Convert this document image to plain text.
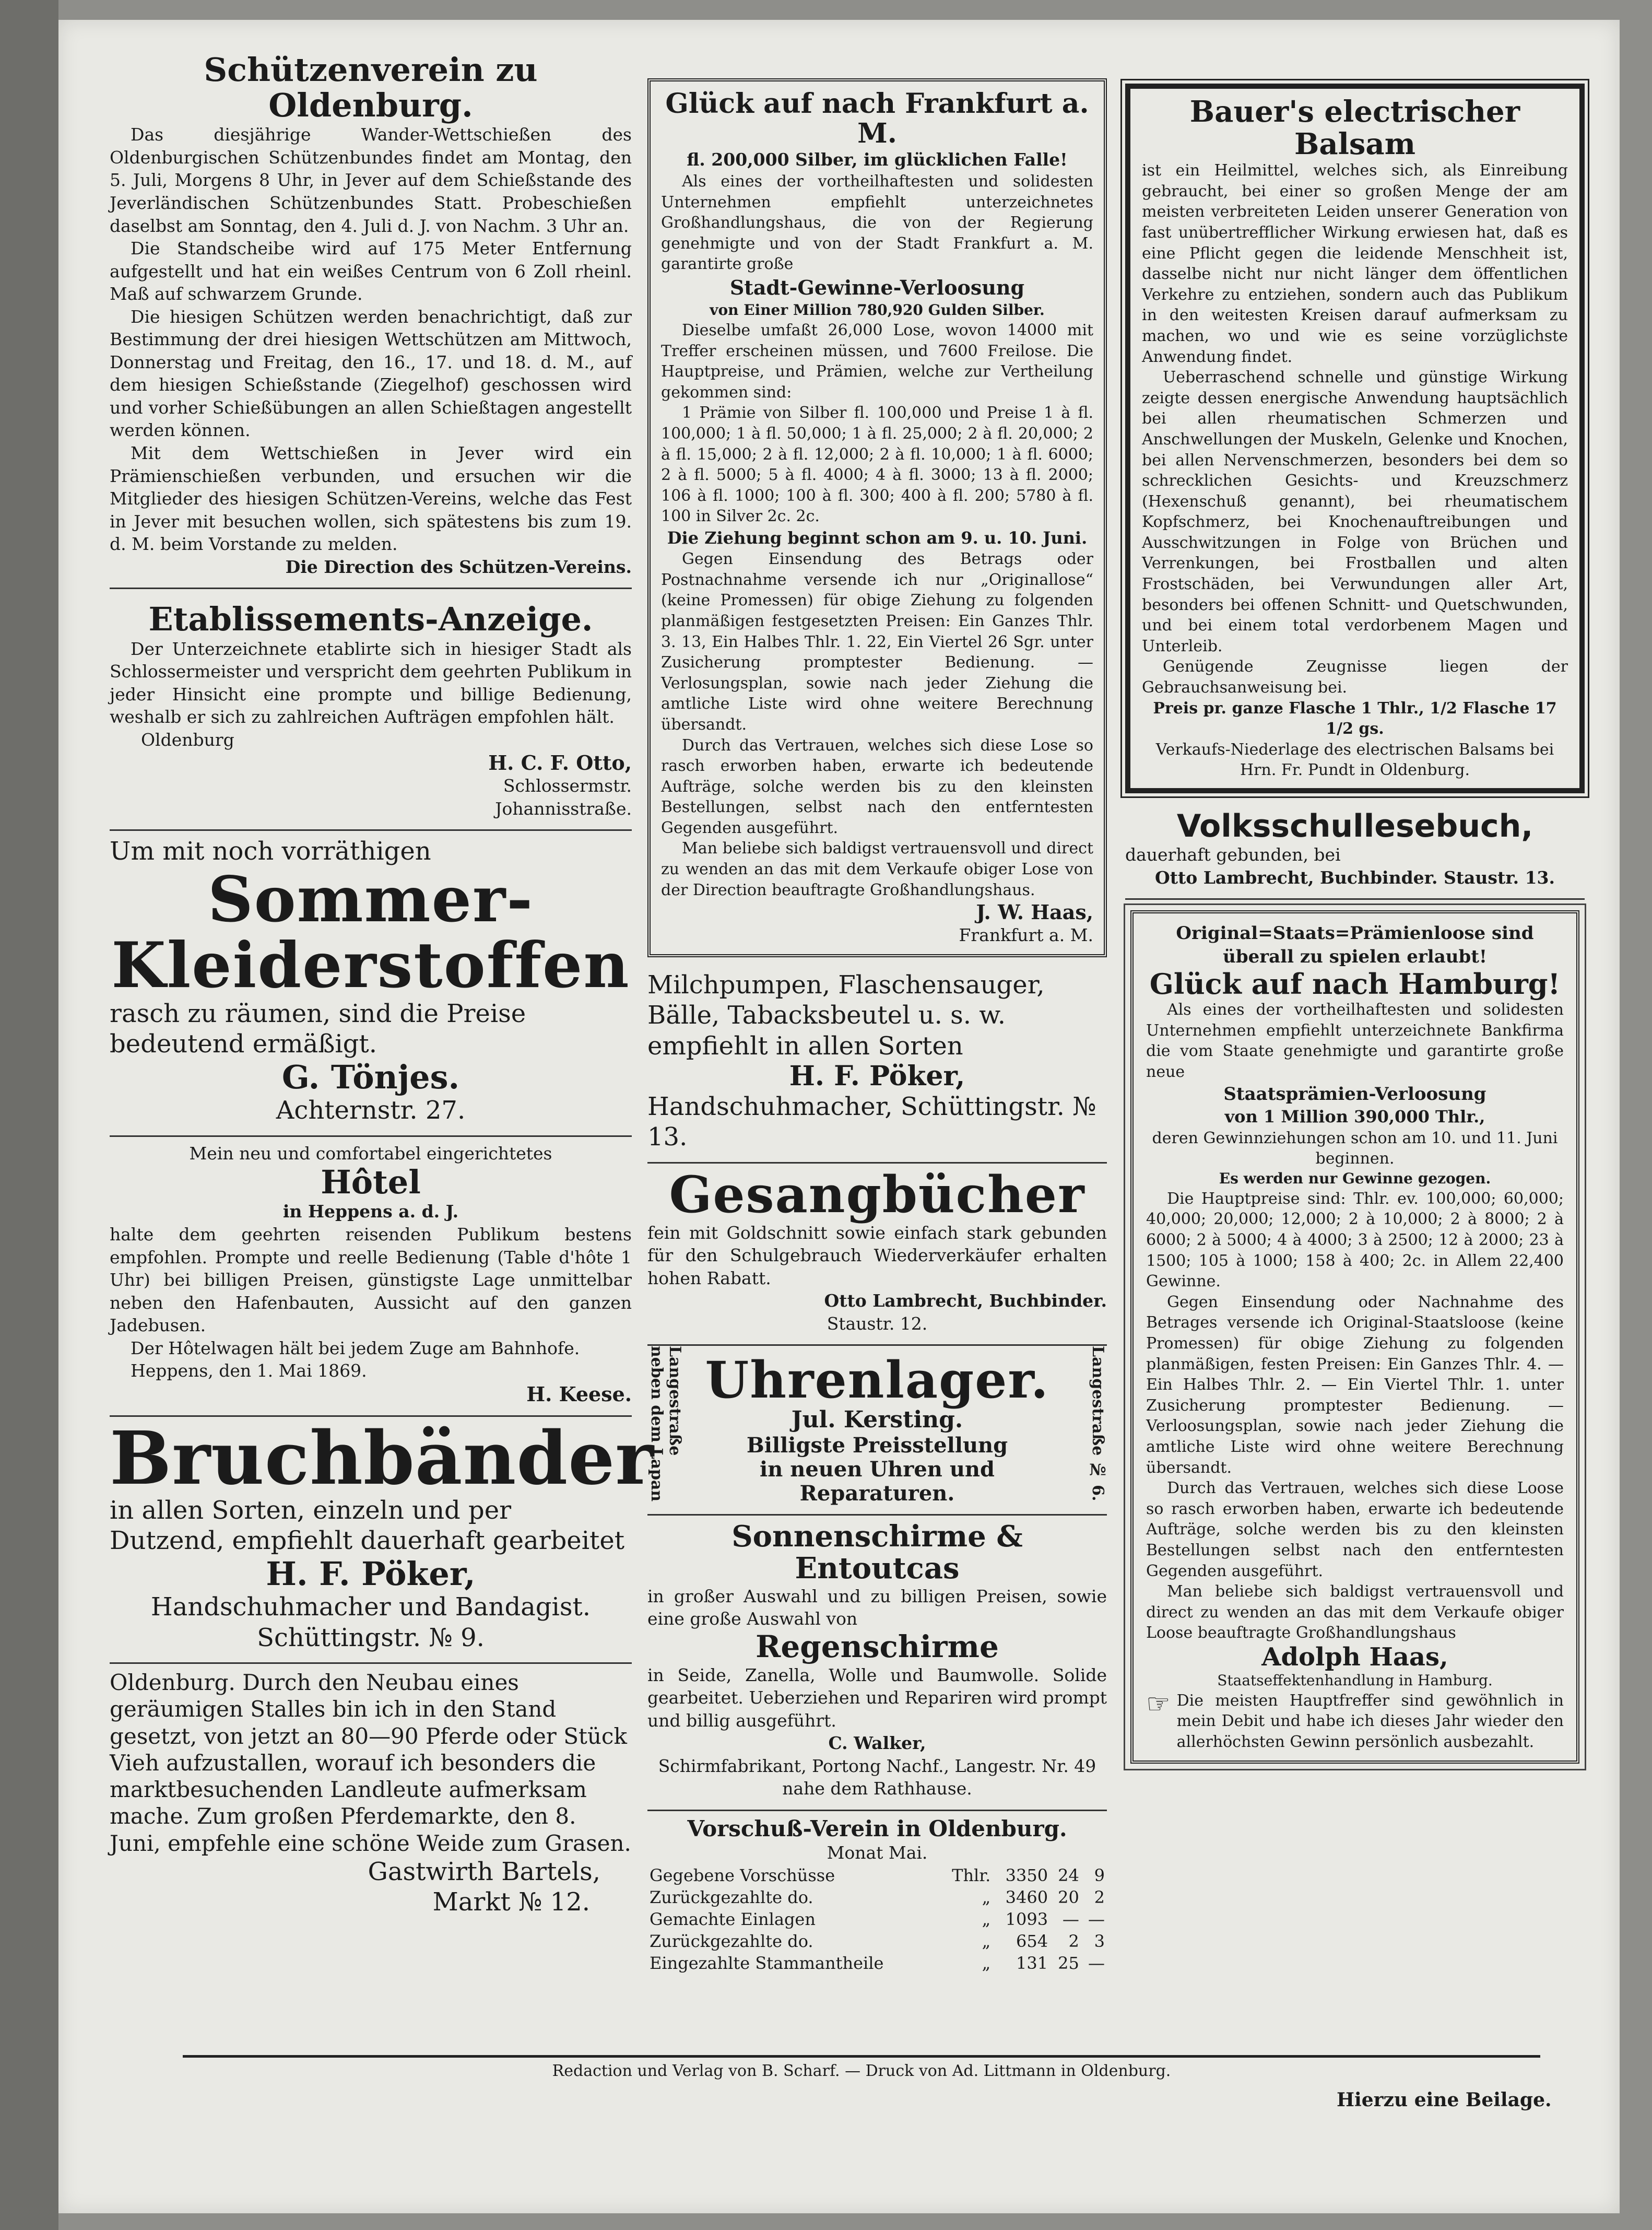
Schützenverein zu Oldenburg.
Das diesjährige Wander-Wettschießen des Oldenburgischen Schützenbundes findet am Montag, den 5. Juli, Morgens 8 Uhr, in Jever auf dem Schießstande des Jeverländischen Schützenbundes Statt. Probeschießen daselbst am Sonntag, den 4. Juli d. J. von Nachm. 3 Uhr an.
Die Standscheibe wird auf 175 Meter Entfernung aufgestellt und hat ein weißes Centrum von 6 Zoll rheinl. Maß auf schwarzem Grunde.
Die hiesigen Schützen werden benachrichtigt, daß zur Bestimmung der drei hiesigen Wettschützen am Mittwoch, Donnerstag und Freitag, den 16., 17. und 18. d. M., auf dem hiesigen Schießstande (Ziegelhof) geschossen wird und vorher Schießübungen an allen Schießtagen angestellt werden können.
Mit dem Wettschießen in Jever wird ein Prämienschießen verbunden, und ersuchen wir die Mitglieder des hiesigen Schützen-Vereins, welche das Fest in Jever mit besuchen wollen, sich spätestens bis zum 19. d. M. beim Vorstande zu melden.
Die Direction des Schützen-Vereins.
Etablissements-Anzeige.
Der Unterzeichnete etablirte sich in hiesiger Stadt als Schlossermeister und verspricht dem geehrten Publikum in jeder Hinsicht eine prompte und billige Bedienung, weshalb er sich zu zahlreichen Aufträgen empfohlen hält.
Oldenburg
H. C. F. Otto,
Schlossermstr.
Johannisstraße.
Um mit noch vorräthigen
Sommer-
Kleiderstoffen
rasch zu räumen, sind die Preise bedeutend ermäßigt.
G. Tönjes.
Achternstr. 27.
Mein neu und comfortabel eingerichtetes
Hôtel
in Heppens a. d. J.
halte dem geehrten reisenden Publikum bestens empfohlen. Prompte und reelle Bedienung (Table d'hôte 1 Uhr) bei billigen Preisen, günstigste Lage unmittelbar neben den Hafenbauten, Aussicht auf den ganzen Jadebusen.
Der Hôtelwagen hält bei jedem Zuge am Bahnhofe.
Heppens, den 1. Mai 1869.
H. Keese.
Bruchbänder
in allen Sorten, einzeln und per Dutzend, empfiehlt dauerhaft gearbeitet
H. F. Pöker,
Handschuhmacher und Bandagist.
Schüttingstr. № 9.
Oldenburg. Durch den Neubau eines geräumigen Stalles bin ich in den Stand gesetzt, von jetzt an 80—90 Pferde oder Stück Vieh aufzustallen, worauf ich besonders die marktbesuchenden Landleute aufmerksam mache. Zum großen Pferdemarkte, den 8. Juni, empfehle eine schöne Weide zum Grasen.
Gastwirth Bartels,
Markt № 12.
Glück auf nach Frankfurt a. M.
fl. 200,000 Silber, im glücklichen Falle!
Als eines der vortheilhaftesten und solidesten Unternehmen empfiehlt unterzeichnetes Großhandlungshaus, die von der Regierung genehmigte und von der Stadt Frankfurt a. M. garantirte große
Stadt-Gewinne-Verloosung
von Einer Million 780,920 Gulden Silber.
Dieselbe umfaßt 26,000 Lose, wovon 14000 mit Treffer erscheinen müssen, und 7600 Freilose. Die Hauptpreise, und Prämien, welche zur Vertheilung gekommen sind:
1 Prämie von Silber fl. 100,000 und Preise 1 à fl. 100,000; 1 à fl. 50,000; 1 à fl. 25,000; 2 à fl. 20,000; 2 à fl. 15,000; 2 à fl. 12,000; 2 à fl. 10,000; 1 à fl. 6000; 2 à fl. 5000; 5 à fl. 4000; 4 à fl. 3000; 13 à fl. 2000; 106 à fl. 1000; 100 à fl. 300; 400 à fl. 200; 5780 à fl. 100 in Silver 2c. 2c.
Die Ziehung beginnt schon am 9. u. 10. Juni.
Gegen Einsendung des Betrags oder Postnachnahme versende ich nur „Originallose“ (keine Promessen) für obige Ziehung zu folgenden planmäßigen festgesetzten Preisen: Ein Ganzes Thlr. 3. 13, Ein Halbes Thlr. 1. 22, Ein Viertel 26 Sgr. unter Zusicherung promptester Bedienung. — Verlosungsplan, sowie nach jeder Ziehung die amtliche Liste wird ohne weitere Berechnung übersandt.
Durch das Vertrauen, welches sich diese Lose so rasch erworben haben, erwarte ich bedeutende Aufträge, solche werden bis zu den kleinsten Bestellungen, selbst nach den entferntesten Gegenden ausgeführt.
Man beliebe sich baldigst vertrauensvoll und direct zu wenden an das mit dem Verkaufe obiger Lose von der Direction beauftragte Großhandlungshaus.
J. W. Haas,
Frankfurt a. M.
Milchpumpen, Flaschensauger, Bälle, Tabacksbeutel u. s. w. empfiehlt in allen Sorten
H. F. Pöker,
Handschuhmacher, Schüttingstr. № 13.
Gesangbücher
fein mit Goldschnitt sowie einfach stark gebunden für den Schulgebrauch Wiederverkäufer erhalten hohen Rabatt.
Otto Lambrecht, Buchbinder.
Staustr. 12.
Langestraße neben dem Lapan	Langestraße № 6.
Uhrenlager.
Jul. Kersting.
Billigste Preisstellung
in neuen Uhren und Reparaturen.
Sonnenschirme & Entoutcas
in großer Auswahl und zu billigen Preisen, sowie eine große Auswahl von
Regenschirme
in Seide, Zanella, Wolle und Baumwolle. Solide gearbeitet. Ueberziehen und Repariren wird prompt und billig ausgeführt.
C. Walker,
Schirmfabrikant, Portong Nachf., Langestr. Nr. 49 nahe dem Rathhause.
Vorschuß-Verein in Oldenburg.
Monat Mai.
Gegebene Vorschüsse	Thlr.	3350	24	9
Zurückgezahlte do.	„	3460	20	2
Gemachte Einlagen	„	1093	—	—
Zurückgezahlte do.	„	654	2	3
Eingezahlte Stammantheile	„	131	25	—
Bauer's electrischer Balsam
ist ein Heilmittel, welches sich, als Einreibung gebraucht, bei einer so großen Menge der am meisten verbreiteten Leiden unserer Generation von fast unübertrefflicher Wirkung erwiesen hat, daß es eine Pflicht gegen die leidende Menschheit ist, dasselbe nicht nur nicht länger dem öffentlichen Verkehre zu entziehen, sondern auch das Publikum in den weitesten Kreisen darauf aufmerksam zu machen, wo und wie es seine vorzüglichste Anwendung findet.
Ueberraschend schnelle und günstige Wirkung zeigte dessen energische Anwendung hauptsächlich bei allen rheumatischen Schmerzen und Anschwellungen der Muskeln, Gelenke und Knochen, bei allen Nervenschmerzen, besonders bei dem so schrecklichen Gesichts- und Kreuzschmerz (Hexenschuß genannt), bei rheumatischem Kopfschmerz, bei Knochenauftreibungen und Ausschwitzungen in Folge von Brüchen und Verrenkungen, bei Frostballen und alten Frostschäden, bei Verwundungen aller Art, besonders bei offenen Schnitt- und Quetschwunden, und bei einem total verdorbenem Magen und Unterleib.
Genügende Zeugnisse liegen der Gebrauchsanweisung bei.
Preis pr. ganze Flasche 1 Thlr., 1/2 Flasche 17 1/2 gs.
Verkaufs-Niederlage des electrischen Balsams bei Hrn. Fr. Pundt in Oldenburg.
Volksschullesebuch,
dauerhaft gebunden, bei
Otto Lambrecht, Buchbinder. Staustr. 13.
Original=Staats=Prämienloose sind überall zu spielen erlaubt!
Glück auf nach Hamburg!
Als eines der vortheilhaftesten und solidesten Unternehmen empfiehlt unterzeichnete Bankfirma die vom Staate genehmigte und garantirte große neue
Staatsprämien-Verloosung
von 1 Million 390,000 Thlr.,
deren Gewinnziehungen schon am 10. und 11. Juni beginnen.
Es werden nur Gewinne gezogen.
Die Hauptpreise sind: Thlr. ev. 100,000; 60,000; 40,000; 20,000; 12,000; 2 à 10,000; 2 à 8000; 2 à 6000; 2 à 5000; 4 à 4000; 3 à 2500; 12 à 2000; 23 à 1500; 105 à 1000; 158 à 400; 2c. in Allem 22,400 Gewinne.
Gegen Einsendung oder Nachnahme des Betrages versende ich Original-Staatsloose (keine Promessen) für obige Ziehung zu folgenden planmäßigen, festen Preisen: Ein Ganzes Thlr. 4. — Ein Halbes Thlr. 2. — Ein Viertel Thlr. 1. unter Zusicherung promptester Bedienung. — Verloosungsplan, sowie nach jeder Ziehung die amtliche Liste wird ohne weitere Berechnung übersandt.
Durch das Vertrauen, welches sich diese Loose so rasch erworben haben, erwarte ich bedeutende Aufträge, solche werden bis zu den kleinsten Bestellungen selbst nach den entferntesten Gegenden ausgeführt.
Man beliebe sich baldigst vertrauensvoll und direct zu wenden an das mit dem Verkaufe obiger Loose beauftragte Großhandlungshaus
Adolph Haas,
Staatseffektenhandlung in Hamburg.
☞ Die meisten Hauptfreffer sind gewöhnlich in mein Debit und habe ich dieses Jahr wieder den allerhöchsten Gewinn persönlich ausbezahlt.
Redaction und Verlag von B. Scharf. — Druck von Ad. Littmann in Oldenburg.
Hierzu eine Beilage.
